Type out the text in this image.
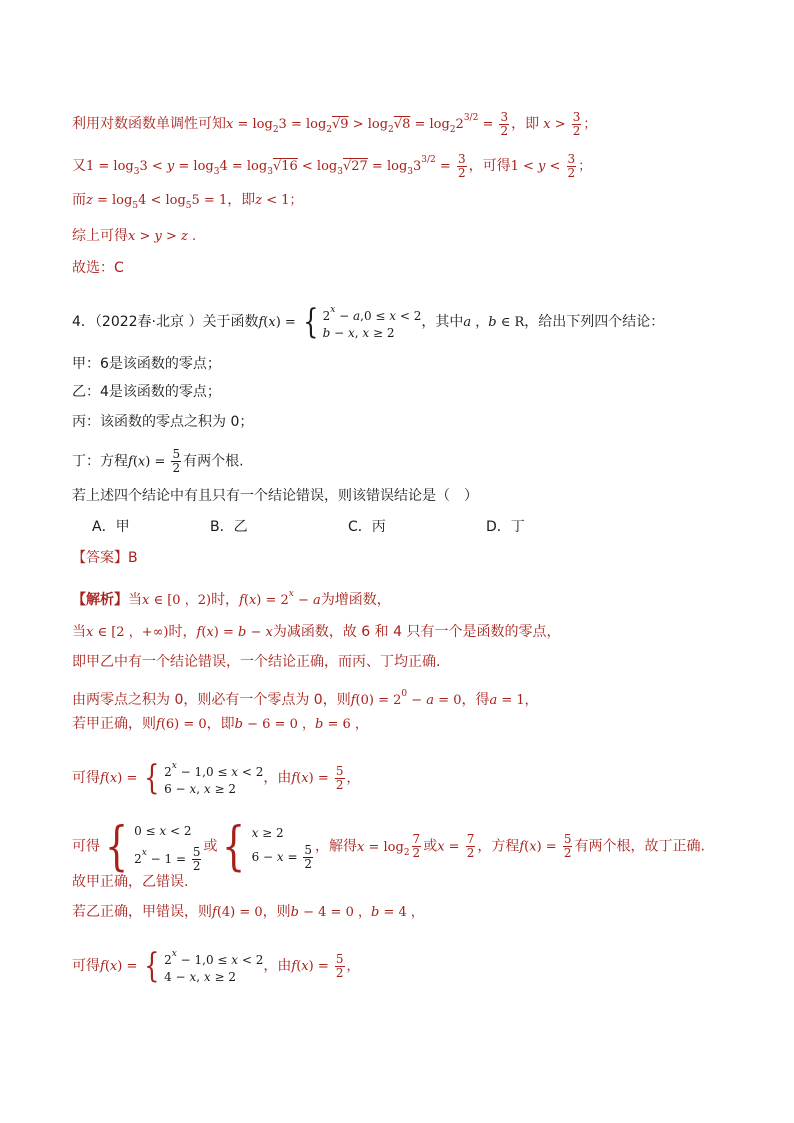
利用对数函数单调性可知$x = \log_23 = \log_2√9 > \log_2√8 = \log_22^{3/2} = \frac{3}{2}$ ，即 $x > \frac{3}{2}$ ；
又$1 = \log_33 < y = \log_34 = \log_3√16 < \log_3√27 = \log_33^{3/2} = \frac{3}{2}$ ，可得$1 < y < \frac{3}{2}$ ；
而$z = \log_54 < \log_55 = 1$，即z < 1；
综上可得x > y > z .
故选：C
4．（2022春·北京 ）关于函数f(x) = { $2^x - a,0 \le x < 2$
b − x, x ≥ 2
，其中a ，b ∈ R，给出下列四个结论：
甲：6是该函数的零点；
乙：4是该函数的零点；
丙：该函数的零点之积为 0；
丁：方程$f(x) = \frac{5}{2}$ 有两个根.
若上述四个结论中有且只有一个结论错误，则该错误结论是（　）
A．甲	B．乙	C．丙	D．丁
【答案】B
【解析】当x ∈ [0 ，2)时，$f(x) = 2^x - a$为增函数，
当x ∈ [2 ，+∞)时，f(x) = b − x为减函数，故 6 和 4 只有一个是函数的零点，
即甲乙中有一个结论错误，一个结论正确，而丙、丁均正确.
由两零点之积为 0，则必有一个零点为 0，则$f(0) = 2^0 - a = 0$，得a = 1，
若甲正确，则f(6) = 0，即b − 6 = 0 ，b = 6 ，
可得f(x) = { $2^x - 1,0 \le x < 2$
6 − x, x ≥ 2
，由$f(x) = \frac{5}{2}$ ，
可得 { 0 ≤ x < 2
$2^x - 1 = \frac{5}{2}$ 或 { x ≥ 2
$6 - x = \frac{5}{2}$ ，解得$x = \log_2 \frac{7}{2}$ 或$x = \frac{7}{2}$ ，方程$f(x) = \frac{5}{2}$ 有两个根，故丁正确.
故甲正确，乙错误.
若乙正确，甲错误，则f(4) = 0，则b − 4 = 0 ，b = 4 ，
可得f(x) = { $2^x - 1,0 \le x < 2$
4 − x, x ≥ 2
，由$f(x) = \frac{5}{2}$ ，
